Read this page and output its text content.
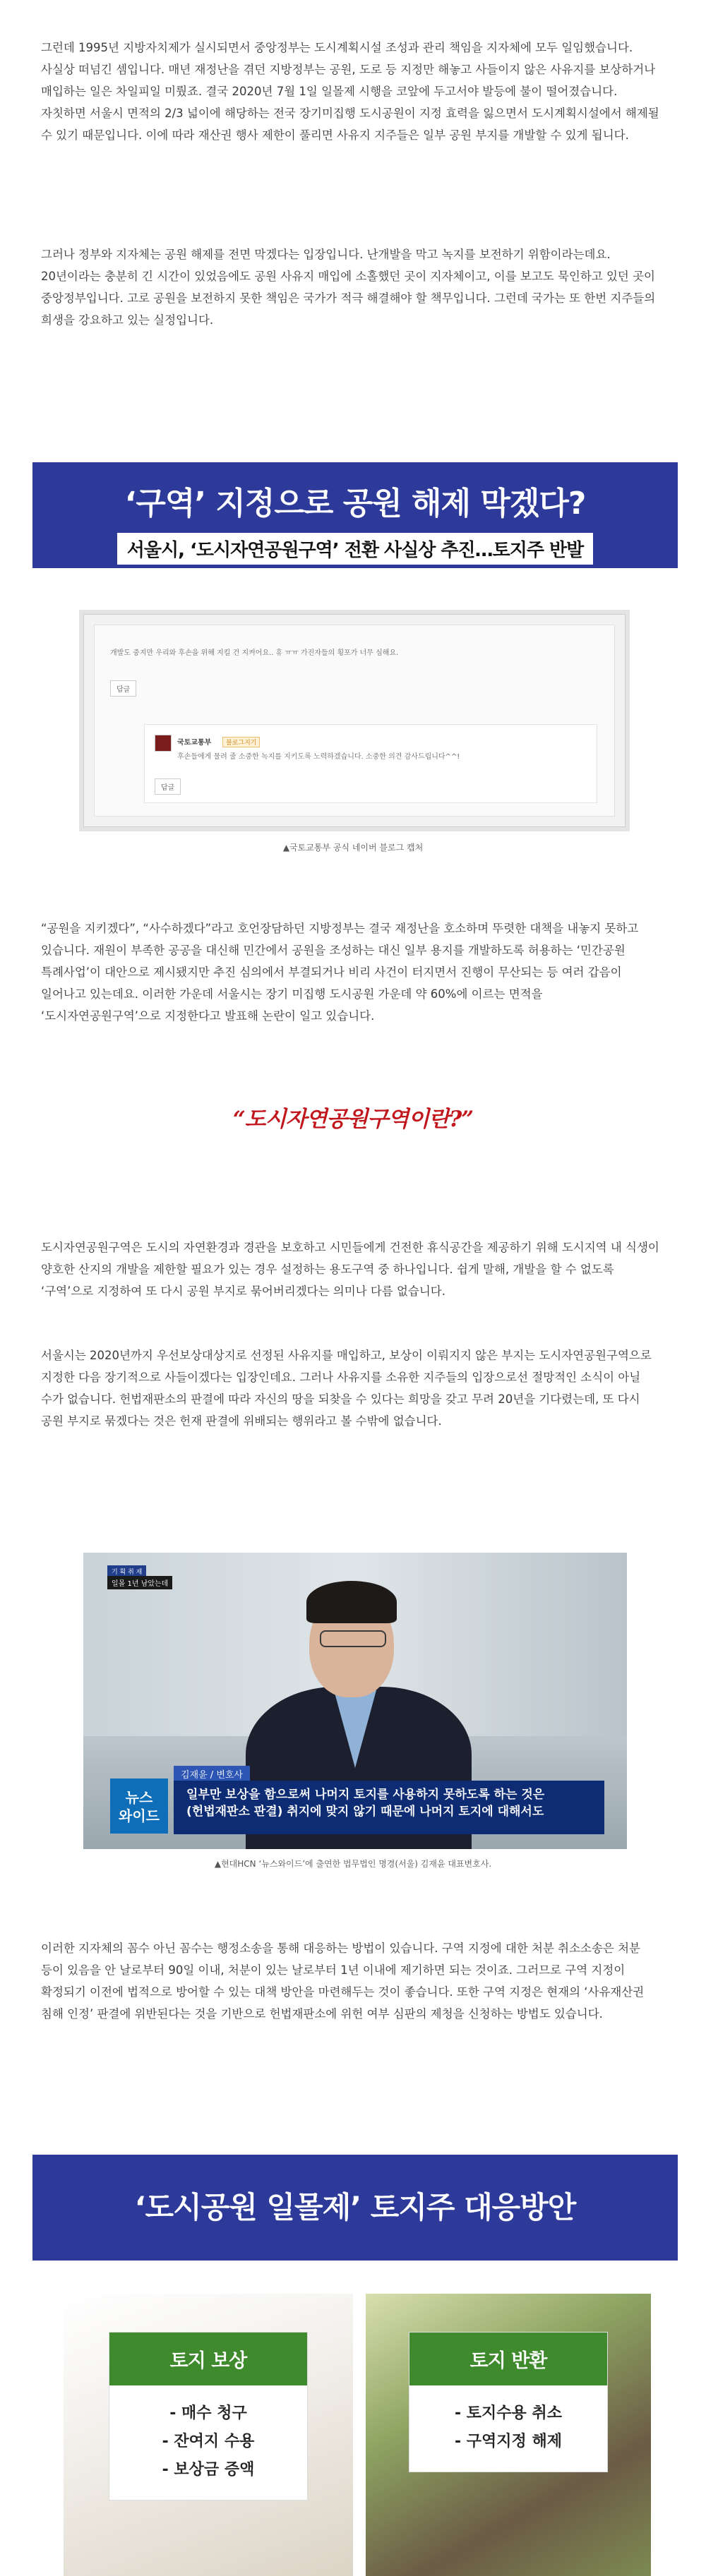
그런데 1995년 지방자치제가 실시되면서 중앙정부는 도시계획시설 조성과 관리 책임을 지자체에 모두 일임했습니다. 사실상 떠넘긴 셈입니다. 매년 재정난을 겪던 지방정부는 공원, 도로 등 지정만 해놓고 사들이지 않은 사유지를 보상하거나 매입하는 일은 차일피일 미뤘죠. 결국 2020년 7월 1일 일몰제 시행을 코앞에 두고서야 발등에 불이 떨어졌습니다. 자칫하면 서울시 면적의 2/3 넓이에 해당하는 전국 장기미집행 도시공원이 지정 효력을 잃으면서 도시계획시설에서 해제될 수 있기 때문입니다. 이에 따라 재산권 행사 제한이 풀리면 사유지 지주들은 일부 공원 부지를 개발할 수 있게 됩니다.

그러나 정부와 지자체는 공원 해제를 전면 막겠다는 입장입니다. 난개발을 막고 녹지를 보전하기 위함이라는데요. 20년이라는 충분히 긴 시간이 있었음에도 공원 사유지 매입에 소홀했던 곳이 지자체이고, 이를 보고도 묵인하고 있던 곳이 중앙정부입니다. 고로 공원을 보전하지 못한 책임은 국가가 적극 해결해야 할 책무입니다. 그런데 국가는 또 한번 지주들의 희생을 강요하고 있는 실정입니다.

‘구역’ 지정으로 공원 해제 막겠다?
서울시, ‘도시자연공원구역’ 전환 사실상 추진…토지주 반발
개발도 중지만 우리와 후손을 위해 지킬 건 지켜어요.. 휴 ㅠㅠ 가진자들의 횡포가 너무 심해요.
답글
국토교통부	블로그지기
후손들에게 물려 줄 소중한 녹지를 지키도록 노력하겠습니다. 소중한 의견 감사드립니다^^!
답글
▲국토교통부 공식 네이버 블로그 캡처

“공원을 지키겠다”, “사수하겠다”라고 호언장담하던 지방정부는 결국 재정난을 호소하며 뚜렷한 대책을 내놓지 못하고 있습니다. 재원이 부족한 공공을 대신해 민간에서 공원을 조성하는 대신 일부 용지를 개발하도록 허용하는 ‘민간공원 특례사업’이 대안으로 제시됐지만 추진 심의에서 부결되거나 비리 사건이 터지면서 진행이 무산되는 등 여러 갑음이 일어나고 있는데요. 이러한 가운데 서울시는 장기 미집행 도시공원 가운데 약 60%에 이르는 면적을 ‘도시자연공원구역’으로 지정한다고 발표해 논란이 일고 있습니다.

“도시자연공원구역이란?”

도시자연공원구역은 도시의 자연환경과 경관을 보호하고 시민들에게 건전한 휴식공간을 제공하기 위해 도시지역 내 식생이 양호한 산지의 개발을 제한할 필요가 있는 경우 설정하는 용도구역 중 하나입니다. 쉽게 말해, 개발을 할 수 없도록 ‘구역’으로 지정하여 또 다시 공원 부지로 묶어버리겠다는 의미나 다름 없습니다.

서울시는 2020년까지 우선보상대상지로 선정된 사유지를 매입하고, 보상이 이뤄지지 않은 부지는 도시자연공원구역으로 지정한 다음 장기적으로 사들이겠다는 입장인데요. 그러나 사유지를 소유한 지주들의 입장으로선 절망적인 소식이 아닐 수가 없습니다. 헌법재판소의 판결에 따라 자신의 땅을 되찾을 수 있다는 희망을 갖고 무려 20년을 기다렸는데, 또 다시 공원 부지로 묶겠다는 것은 헌재 판결에 위배되는 행위라고 볼 수밖에 없습니다.

기 획 취 재
일몰 1년 남았는데
뉴스
와이드
김재윤 / 변호사
일부만 보상을 함으로써 나머지 토지를 사용하지 못하도록 하는 것은
(헌법재판소 판결) 취지에 맞지 않기 때문에 나머지 토지에 대해서도
▲현대HCN ‘뉴스와이드’에 출연한 법무법인 명경(서울) 김재윤 대표변호사.

이러한 지자체의 꼼수 아닌 꼼수는 행정소송을 통해 대응하는 방법이 있습니다. 구역 지정에 대한 처분 취소소송은 처분 등이 있음을 안 날로부터 90일 이내, 처분이 있는 날로부터 1년 이내에 제기하면 되는 것이죠. 그러므로 구역 지정이 확정되기 이전에 법적으로 방어할 수 있는 대책 방안을 마련해두는 것이 좋습니다. 또한 구역 지정은 현재의 ‘사유재산권 침해 인정’ 판결에 위반된다는 것을 기반으로 헌법재판소에 위헌 여부 심판의 제청을 신청하는 방법도 있습니다.

‘도시공원 일몰제’ 토지주 대응방안
토지 보상
- 매수 청구
- 잔여지 수용
- 보상금 증액
토지 반환
- 토지수용 취소
- 구역지정 해제
